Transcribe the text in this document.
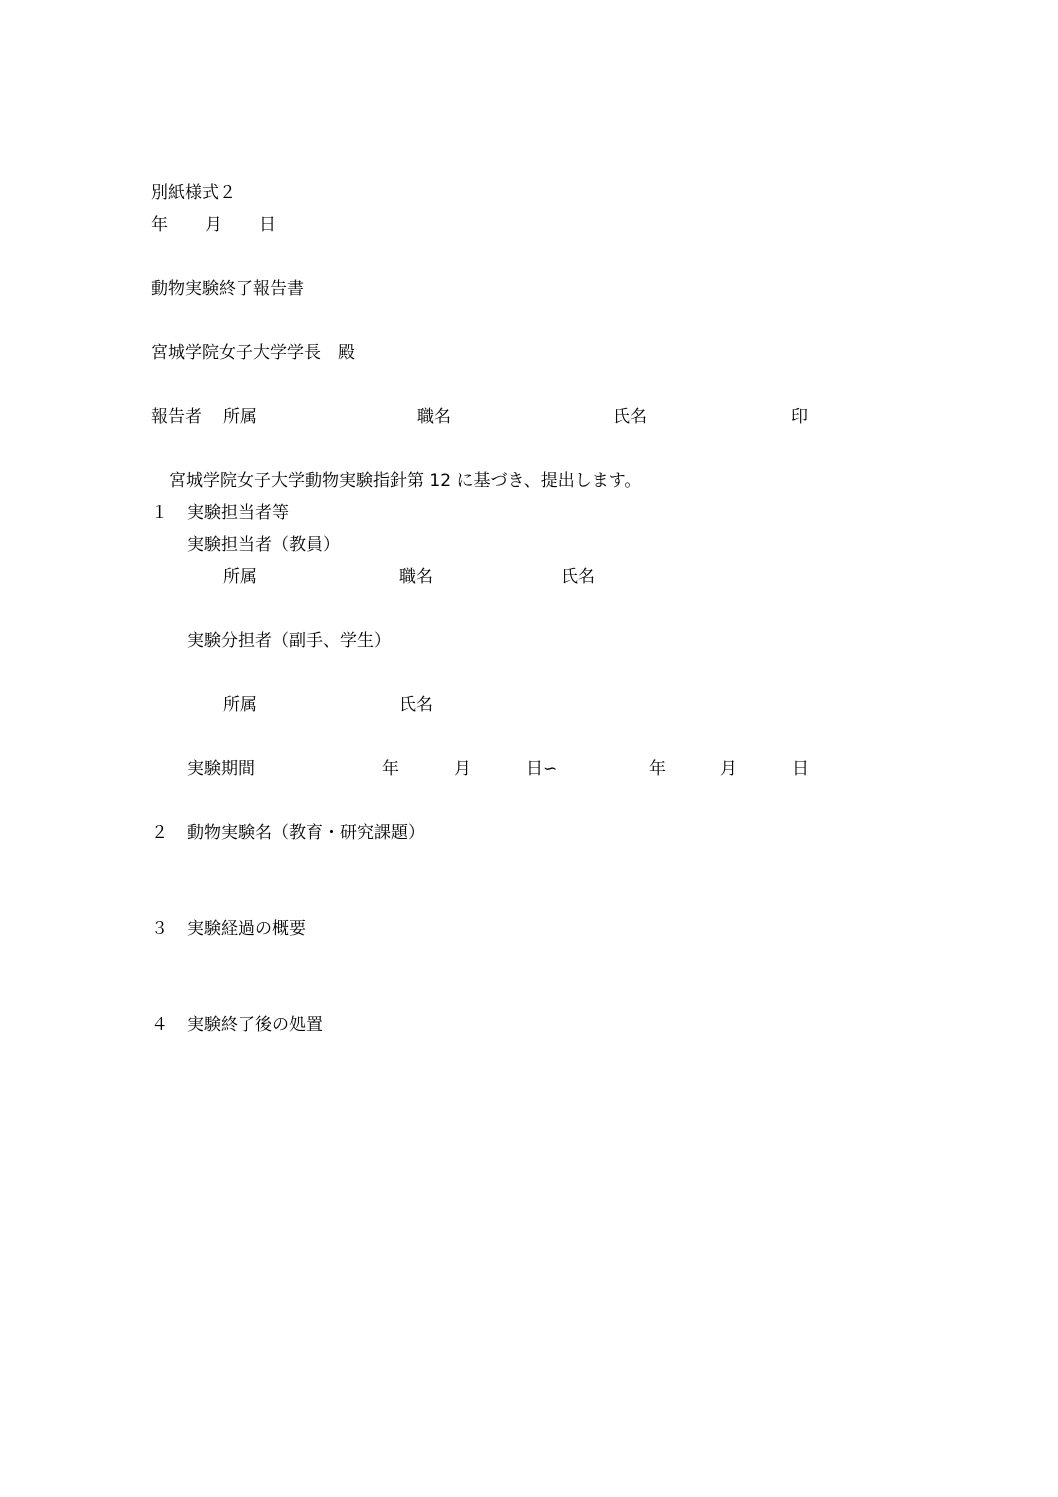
別紙様式２
年 月 日
動物実験終了報告書
宮城学院女子大学学長　殿
報告者 所属	職名	氏名	印
宮城学院女子大学動物実験指針第 12 に基づき、提出します。
１ 実験担当者等
実験担当者（教員）
所属	職名	氏名
実験分担者（副手、学生）
所属	氏名
実験期間	年	月	日∽	年	月	日
２ 動物実験名（教育・研究課題）
３ 実験経過の概要
４ 実験終了後の処置
